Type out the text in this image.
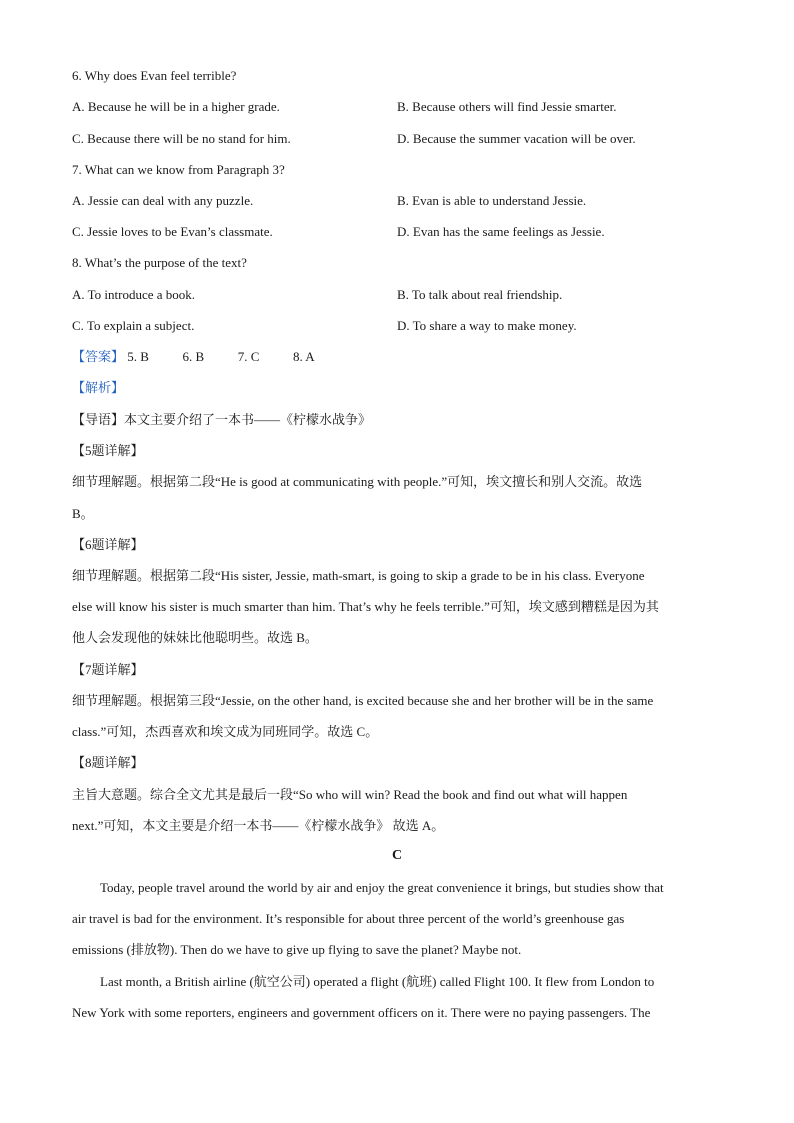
6. Why does Evan feel terrible?
A. Because he will be in a higher grade.	B. Because others will find Jessie smarter.
C. Because there will be no stand for him.	D. Because the summer vacation will be over.
7. What can we know from Paragraph 3?
A. Jessie can deal with any puzzle.	B. Evan is able to understand Jessie.
C. Jessie loves to be Evan’s classmate.	D. Evan has the same feelings as Jessie.
8. What’s the purpose of the text?
A. To introduce a book.	B. To talk about real friendship.
C. To explain a subject.	D. To share a way to make money.
【答案】 5. B	6. B	7. C	8. A
【解析】
【导语】本文主要介绍了一本书——《柠檬水战争》
【5题详解】
细节理解题。根据第二段“He is good at communicating with people.”可知，埃文擅长和别人交流。故选
B。
【6题详解】
细节理解题。根据第二段“His sister, Jessie, math-smart, is going to skip a grade to be in his class. Everyone
else will know his sister is much smarter than him. That’s why he feels terrible.”可知，埃文感到糟糕是因为其
他人会发现他的妹妹比他聪明些。故选 B。
【7题详解】
细节理解题。根据第三段“Jessie, on the other hand, is excited because she and her brother will be in the same
class.”可知，杰西喜欢和埃文成为同班同学。故选 C。
【8题详解】
主旨大意题。综合全文尤其是最后一段“So who will win? Read the book and find out what will happen
next.”可知，本文主要是介绍一本书——《柠檬水战争》 故选 A。
C
Today, people travel around the world by air and enjoy the great convenience it brings, but studies show that
air travel is bad for the environment. It’s responsible for about three percent of the world’s greenhouse gas
emissions (排放物). Then do we have to give up flying to save the planet? Maybe not.
Last month, a British airline (航空公司) operated a flight (航班) called Flight 100. It flew from London to
New York with some reporters, engineers and government officers on it. There were no paying passengers. The
